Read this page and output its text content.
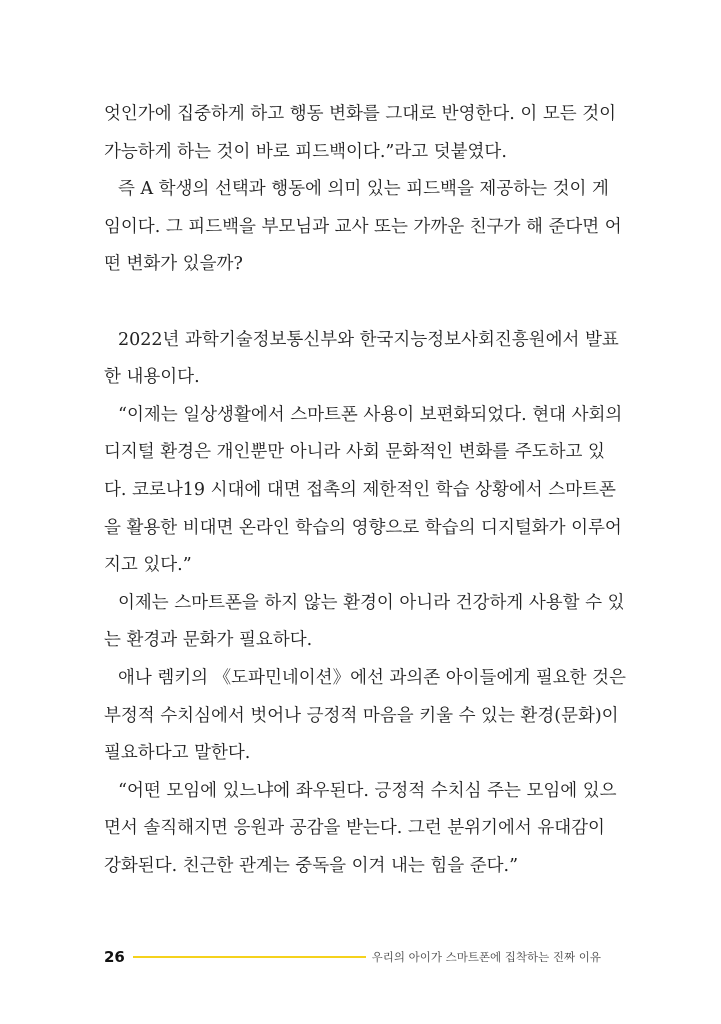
엇인가에 집중하게 하고 행동 변화를 그대로 반영한다. 이 모든 것이
가능하게 하는 것이 바로 피드백이다.”라고 덧붙였다.
즉 A 학생의 선택과 행동에 의미 있는 피드백을 제공하는 것이 게
임이다. 그 피드백을 부모님과 교사 또는 가까운 친구가 해 준다면 어
떤 변화가 있을까?
2022년 과학기술정보통신부와 한국지능정보사회진흥원에서 발표
한 내용이다.
“이제는 일상생활에서 스마트폰 사용이 보편화되었다. 현대 사회의
디지털 환경은 개인뿐만 아니라 사회 문화적인 변화를 주도하고 있
다. 코로나19 시대에 대면 접촉의 제한적인 학습 상황에서 스마트폰
을 활용한 비대면 온라인 학습의 영향으로 학습의 디지털화가 이루어
지고 있다.”
이제는 스마트폰을 하지 않는 환경이 아니라 건강하게 사용할 수 있
는 환경과 문화가 필요하다.
애나 렘키의 《도파민네이션》에선 과의존 아이들에게 필요한 것은
부정적 수치심에서 벗어나 긍정적 마음을 키울 수 있는 환경(문화)이
필요하다고 말한다.
“어떤 모임에 있느냐에 좌우된다. 긍정적 수치심 주는 모임에 있으
면서 솔직해지면 응원과 공감을 받는다. 그런 분위기에서 유대감이
강화된다. 친근한 관계는 중독을 이겨 내는 힘을 준다.”
26	우리의 아이가 스마트폰에 집착하는 진짜 이유
